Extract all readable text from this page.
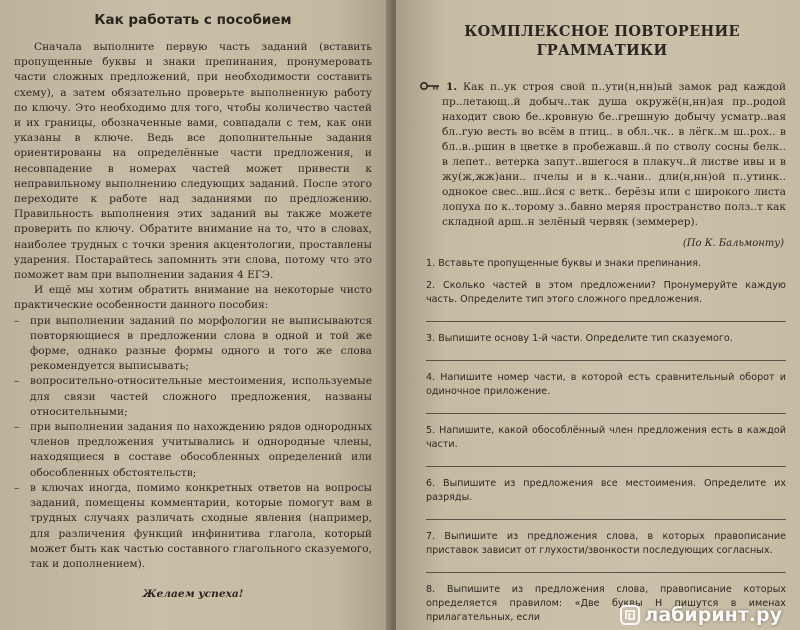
Как работать с пособием

Сначала выполните первую часть заданий (вставить пропущенные буквы и знаки препинания, пронумеровать части сложных предложений, при необходимости составить схему), а затем обязательно проверьте выполненную работу по ключу. Это необходимо для того, чтобы количество частей и их границы, обозначенные вами, совпадали с тем, как они указаны в ключе. Ведь все дополнительные задания ориентированы на определённые части предложения, и несовпадение в номерах частей может привести к неправильному выполнению следующих заданий. После этого переходите к работе над заданиями по предложению. Правильность выполнения этих заданий вы также можете проверить по ключу. Обратите внимание на то, что в словах, наиболее трудных с точки зрения акцентологии, проставлены ударения. Постарайтесь запомнить эти слова, потому что это поможет вам при выполнении задания 4 ЕГЭ.

И ещё мы хотим обратить внимание на некоторые чисто практические особенности данного пособия:

– при выполнении заданий по морфологии не выписываются повторяющиеся в предложении слова в одной и той же форме, однако разные формы одного и того же слова рекомендуется выписывать;
– вопросительно-относительные местоимения, используемые для связи частей сложного предложения, названы относительными;
– при выполнении задания по нахождению рядов однородных членов предложения учитывались и однородные члены, находящиеся в составе обособленных определений или обособленных обстоятельств;
– в ключах иногда, помимо конкретных ответов на вопросы заданий, помещены комментарии, которые помогут вам в трудных случаях различать сходные явления (например, для различения функций инфинитива глагола, который может быть как частью составного глагольного сказуемого, так и дополнением).
Желаем успеха!
КОМПЛЕКСНОЕ ПОВТОРЕНИЕ
ГРАММАТИКИ

1. Как п..ук строя свой п..ути(н,нн)ый замок рад каждой пр..летающ..й добыч..так душа окружё(н,нн)ая пр..родой находит свою бе..кровную бе..грешную добычу усматр..вая бл..гую весть во всём в птиц.. в обл..чк.. в лёгк..м ш..рох.. в бл..в..ршин в цветке в пробежавш..й по стволу сосны белк.. в лепет.. ветерка запут..вшегося в плакуч..й листве ивы и в жу(ж,жж)ани.. пчелы и в к..чани.. дли(н,нн)ой п..утинк.. однокое свес..вш..йся с ветк.. берёзы или с широкого листа лопуха по к..торому з..бавно меряя пространство полз..т как складной арш..н зелёный червяк (земмерер).

(По К. Бальмонту)

1. Вставьте пропущенные буквы и знаки препинания.

2. Сколько частей в этом предложении? Пронумеруйте каждую часть. Определите тип этого сложного предложения.

3. Выпишите основу 1-й части. Определите тип сказуемого.

4. Напишите номер части, в которой есть сравнительный оборот и одиночное приложение.

5. Напишите, какой обособлённый член предложения есть в каждой части.

6. Выпишите из предложения все местоимения. Определите их разряды.

7. Выпишите из предложения слова, в которых правописание приставок зависит от глухости/звонкости последующих согласных.

8. Выпишите из предложения слова, правописание которых определяется правилом: «Две буквы Н пишутся в именах прилагательных, ecли	лабиринт.ру
